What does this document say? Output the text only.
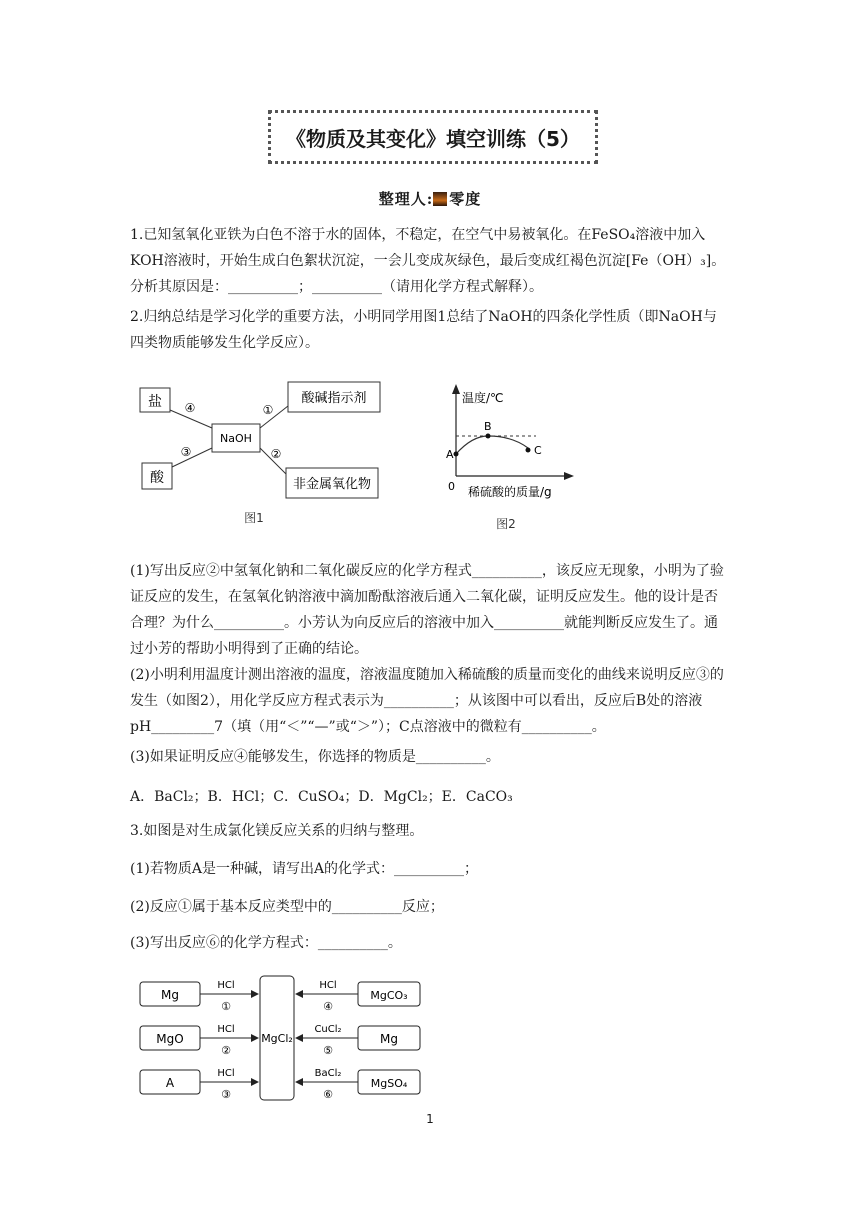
《物质及其变化》填空训练（5）
整理人: 零度

1.已知氢氧化亚铁为白色不溶于水的固体，不稳定，在空气中易被氧化。在FeSO₄溶液中加入KOH溶液时，开始生成白色絮状沉淀，一会儿变成灰绿色，最后变成红褐色沉淀[Fe（OH）₃]。分析其原因是：__________；__________（请用化学方程式解释）。

2.归纳总结是学习化学的重要方法，小明同学用图1总结了NaOH的四条化学性质（即NaOH与四类物质能够发生化学反应）。

盐
酸
酸碱指示剂
非金属氧化物
NaOH
④
③
①
②
图1
温度/℃
0 稀硫酸的质量/g
A
B
C
图2

(1)写出反应②中氢氧化钠和二氧化碳反应的化学方程式__________，该反应无现象，小明为了验证反应的发生，在氢氧化钠溶液中滴加酚酞溶液后通入二氧化碳，证明反应发生。他的设计是否合理？为什么__________。小芳认为向反应后的溶液中加入__________就能判断反应发生了。通过小芳的帮助小明得到了正确的结论。

(2)小明利用温度计测出溶液的温度，溶液温度随加入稀硫酸的质量而变化的曲线来说明反应③的发生（如图2），用化学反应方程式表示为__________；从该图中可以看出，反应后B处的溶液pH_________7（填（用“＜”“—”或“＞”）；C点溶液中的微粒有__________。

(3)如果证明反应④能够发生，你选择的物质是__________。

A．BaCl₂；B．HCl；C．CuSO₄；D．MgCl₂；E．CaCO₃

3.如图是对生成氯化镁反应关系的归纳与整理。

(1)若物质A是一种碱，请写出A的化学式：__________；

(2)反应①属于基本反应类型中的__________反应；

(3)写出反应⑥的化学方程式：__________。

MgCl₂
Mg
MgO
A
MgCO₃
Mg
MgSO₄
HCl
①
HCl
②
HCl
③
HCl
④
CuCl₂
⑤
BaCl₂
⑥
1
